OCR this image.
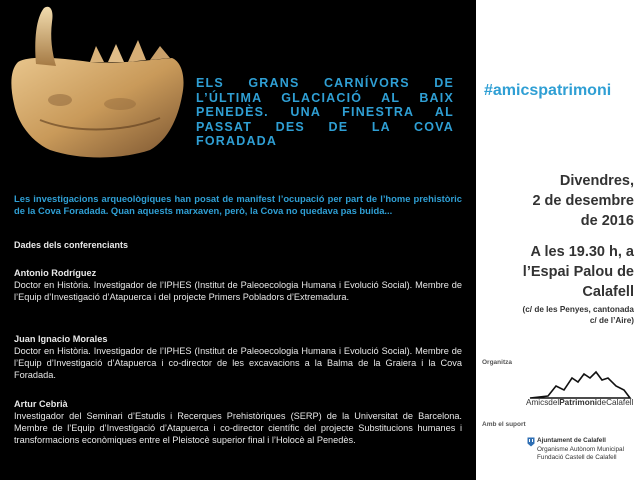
ELS GRANS CARNÍVORS DE L’ÚLTIMA GLACIACIÓ AL BAIX PENEDÈS. UNA FINESTRA AL PASSAT DES DE LA COVA FORADADA
Les investigacions arqueològiques han posat de manifest l’ocupació per part de l’home prehistòric de la Cova Foradada. Quan aquests marxaven, però, la Cova no quedava pas buida...
Dades dels conferenciants
Antonio Rodríguez
Doctor en Història. Investigador de l’IPHES (Institut de Paleoecologia Humana i Evolució Social). Membre de l’Equip d’Investigació d’Atapuerca i del projecte Primers Pobladors d’Extremadura.
Juan Ignacio Morales
Doctor en Història. Investigador de l’IPHES (Institut de Paleoecologia Humana i Evolució Social). Membre de l’Equip d’Investigació d’Atapuerca i co-director de les excavacions a la Balma de la Graiera i la Cova Foradada.
Artur Cebrià
Investigador del Seminari d’Estudis i Recerques Prehistòriques (SERP) de la Universitat de Barcelona. Membre de l’Equip d’Investigació d’Atapuerca i co-director científic del projecte Substitucions humanes i transformacions econòmiques entre el Pleistocè superior final i l’Holocè al Penedès.
#amicspatrimoni
Divendres,
2 de desembre
de 2016
A les 19.30 h, a
l’Espai Palou de
Calafell
(c/ de les Penyes, cantonada
c/ de l’Aire)
Organitza
AmicsdelPatrimonideCalafell
Amb el suport
Ajuntament de Calafell
Organisme Autònom Municipal
Fundació Castell de Calafell
